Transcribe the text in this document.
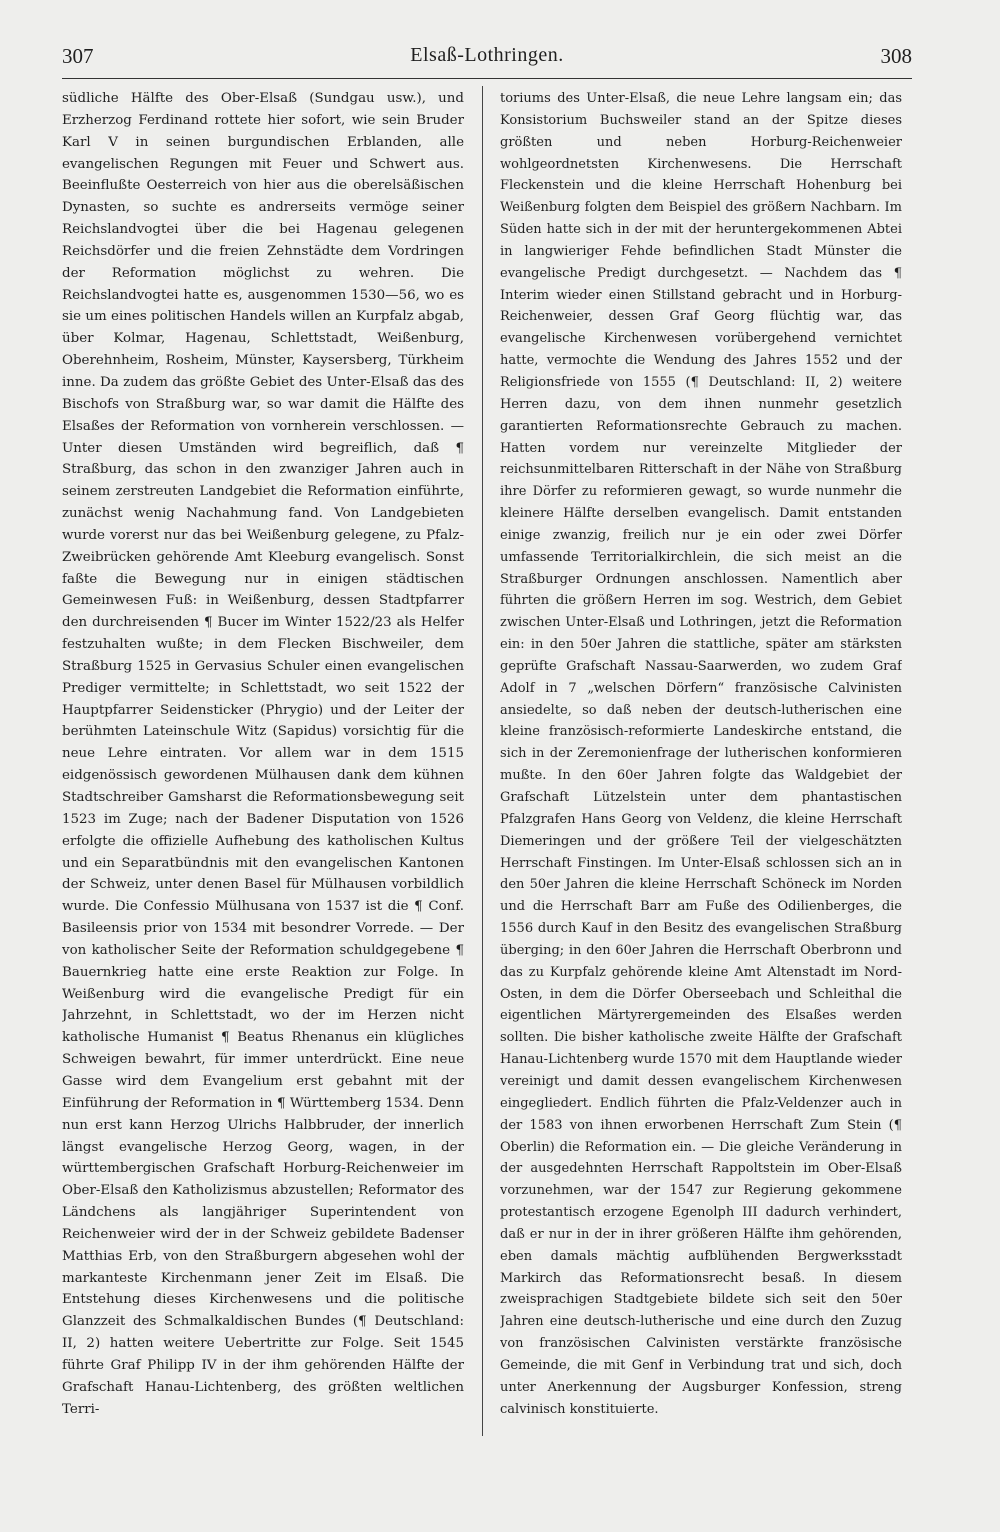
307	Elsaß-Lothringen.	308

südliche Hälfte des Ober-Elsaß (Sundgau usw.), und Erzherzog Ferdinand rottete hier sofort, wie sein Bruder Karl V in seinen burgundischen Erblanden, alle evangelischen Regungen mit Feuer und Schwert aus. Beeinflußte Oesterreich von hier aus die oberelsäßischen Dynasten, so suchte es andrerseits vermöge seiner Reichslandvogtei über die bei Hagenau gelegenen Reichsdörfer und die freien Zehnstädte dem Vordringen der Reformation möglichst zu wehren. Die Reichslandvogtei hatte es, ausgenommen 1530—56, wo es sie um eines politischen Handels willen an Kurpfalz abgab, über Kolmar, Hagenau, Schlettstadt, Weißenburg, Oberehnheim, Rosheim, Münster, Kaysersberg, Türkheim inne. Da zudem das größte Gebiet des Unter-Elsaß das des Bischofs von Straßburg war, so war damit die Hälfte des Elsaßes der Reformation von vornherein verschlossen. — Unter diesen Umständen wird begreiflich, daß ¶ Straßburg, das schon in den zwanziger Jahren auch in seinem zerstreuten Landgebiet die Reformation einführte, zunächst wenig Nachahmung fand. Von Landgebieten wurde vorerst nur das bei Weißenburg gelegene, zu Pfalz-Zweibrücken gehörende Amt Kleeburg evangelisch. Sonst faßte die Bewegung nur in einigen städtischen Gemeinwesen Fuß: in Weißenburg, dessen Stadtpfarrer den durchreisenden ¶ Bucer im Winter 1522/23 als Helfer festzuhalten wußte; in dem Flecken Bischweiler, dem Straßburg 1525 in Gervasius Schuler einen evangelischen Prediger vermittelte; in Schlettstadt, wo seit 1522 der Hauptpfarrer Seidensticker (Phrygio) und der Leiter der berühmten Lateinschule Witz (Sapidus) vorsichtig für die neue Lehre eintraten. Vor allem war in dem 1515 eidgenössisch gewordenen Mülhausen dank dem kühnen Stadtschreiber Gamsharst die Reformationsbewegung seit 1523 im Zuge; nach der Badener Disputation von 1526 erfolgte die offizielle Aufhebung des katholischen Kultus und ein Separatbündnis mit den evangelischen Kantonen der Schweiz, unter denen Basel für Mülhausen vorbildlich wurde. Die Confessio Mülhusana von 1537 ist die ¶ Conf. Basileensis prior von 1534 mit besondrer Vorrede. — Der von katholischer Seite der Reformation schuldgegebene ¶ Bauernkrieg hatte eine erste Reaktion zur Folge. In Weißenburg wird die evangelische Predigt für ein Jahrzehnt, in Schlettstadt, wo der im Herzen nicht katholische Humanist ¶ Beatus Rhenanus ein klügliches Schweigen bewahrt, für immer unterdrückt. Eine neue Gasse wird dem Evangelium erst gebahnt mit der Einführung der Reformation in ¶ Württemberg 1534. Denn nun erst kann Herzog Ulrichs Halbbruder, der innerlich längst evangelische Herzog Georg, wagen, in der württembergischen Grafschaft Horburg-Reichenweier im Ober-Elsaß den Katholizismus abzustellen; Reformator des Ländchens als langjähriger Superintendent von Reichenweier wird der in der Schweiz gebildete Badenser Matthias Erb, von den Straßburgern abgesehen wohl der markanteste Kirchenmann jener Zeit im Elsaß. Die Entstehung dieses Kirchenwesens und die politische Glanzzeit des Schmalkaldischen Bundes (¶ Deutschland: II, 2) hatten weitere Uebertritte zur Folge. Seit 1545 führte Graf Philipp IV in der ihm gehörenden Hälfte der Grafschaft Hanau-Lichtenberg, des größten weltlichen Terri-

toriums des Unter-Elsaß, die neue Lehre langsam ein; das Konsistorium Buchsweiler stand an der Spitze dieses größten und neben Horburg-Reichenweier wohlgeordnetsten Kirchenwesens. Die Herrschaft Fleckenstein und die kleine Herrschaft Hohenburg bei Weißenburg folgten dem Beispiel des größern Nachbarn. Im Süden hatte sich in der mit der heruntergekommenen Abtei in langwieriger Fehde befindlichen Stadt Münster die evangelische Predigt durchgesetzt. — Nachdem das ¶ Interim wieder einen Stillstand gebracht und in Horburg-Reichenweier, dessen Graf Georg flüchtig war, das evangelische Kirchenwesen vorübergehend vernichtet hatte, vermochte die Wendung des Jahres 1552 und der Religionsfriede von 1555 (¶ Deutschland: II, 2) weitere Herren dazu, von dem ihnen nunmehr gesetzlich garantierten Reformationsrechte Gebrauch zu machen. Hatten vordem nur vereinzelte Mitglieder der reichsunmittelbaren Ritterschaft in der Nähe von Straßburg ihre Dörfer zu reformieren gewagt, so wurde nunmehr die kleinere Hälfte derselben evangelisch. Damit entstanden einige zwanzig, freilich nur je ein oder zwei Dörfer umfassende Territorialkirchlein, die sich meist an die Straßburger Ordnungen anschlossen. Namentlich aber führten die größern Herren im sog. Westrich, dem Gebiet zwischen Unter-Elsaß und Lothringen, jetzt die Reformation ein: in den 50er Jahren die stattliche, später am stärksten geprüfte Grafschaft Nassau-Saarwerden, wo zudem Graf Adolf in 7 „welschen Dörfern“ französische Calvinisten ansiedelte, so daß neben der deutsch-lutherischen eine kleine französisch-reformierte Landeskirche entstand, die sich in der Zeremonienfrage der lutherischen konformieren mußte. In den 60er Jahren folgte das Waldgebiet der Grafschaft Lützelstein unter dem phantastischen Pfalzgrafen Hans Georg von Veldenz, die kleine Herrschaft Diemeringen und der größere Teil der vielgeschätzten Herrschaft Finstingen. Im Unter-Elsaß schlossen sich an in den 50er Jahren die kleine Herrschaft Schöneck im Norden und die Herrschaft Barr am Fuße des Odilienberges, die 1556 durch Kauf in den Besitz des evangelischen Straßburg überging; in den 60er Jahren die Herrschaft Oberbronn und das zu Kurpfalz gehörende kleine Amt Altenstadt im Nord-Osten, in dem die Dörfer Oberseebach und Schleithal die eigentlichen Märtyrergemeinden des Elsaßes werden sollten. Die bisher katholische zweite Hälfte der Grafschaft Hanau-Lichtenberg wurde 1570 mit dem Hauptlande wieder vereinigt und damit dessen evangelischem Kirchenwesen eingegliedert. Endlich führten die Pfalz-Veldenzer auch in der 1583 von ihnen erworbenen Herrschaft Zum Stein (¶ Oberlin) die Reformation ein. — Die gleiche Veränderung in der ausgedehnten Herrschaft Rappoltstein im Ober-Elsaß vorzunehmen, war der 1547 zur Regierung gekommene protestantisch erzogene Egenolph III dadurch verhindert, daß er nur in der in ihrer größeren Hälfte ihm gehörenden, eben damals mächtig aufblühenden Bergwerksstadt Markirch das Reformationsrecht besaß. In diesem zweisprachigen Stadtgebiete bildete sich seit den 50er Jahren eine deutsch-lutherische und eine durch den Zuzug von französischen Calvinisten verstärkte französische Gemeinde, die mit Genf in Verbindung trat und sich, doch unter Anerkennung der Augsburger Konfession, streng calvinisch konstituierte.
